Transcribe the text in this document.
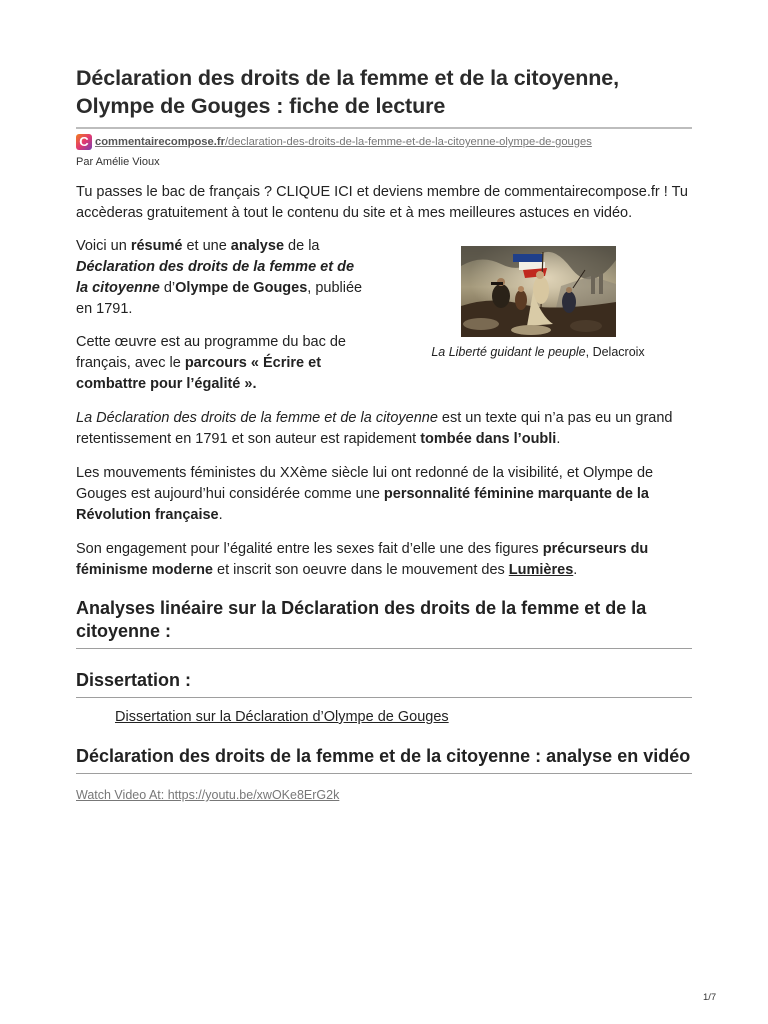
Déclaration des droits de la femme et de la citoyenne, Olympe de Gouges : fiche de lecture
C commentairecompose.fr/declaration-des-droits-de-la-femme-et-de-la-citoyenne-olympe-de-gouges
Par Amélie Vioux

Tu passes le bac de français ? CLIQUE ICI et deviens membre de commentairecompose.fr ! Tu accèderas gratuitement à tout le contenu du site et à mes meilleures astuces en vidéo.

Voici un résumé et une analyse de la Déclaration des droits de la femme et de la citoyenne d’Olympe de Gouges, publiée en 1791.

Cette œuvre est au programme du bac de français, avec le parcours « Écrire et combattre pour l’égalité ».

La Liberté guidant le peuple, Delacroix

La Déclaration des droits de la femme et de la citoyenne est un texte qui n’a pas eu un grand retentissement en 1791 et son auteur est rapidement tombée dans l’oubli.

Les mouvements féministes du XXème siècle lui ont redonné de la visibilité, et Olympe de Gouges est aujourd’hui considérée comme une personnalité féminine marquante de la Révolution française.

Son engagement pour l’égalité entre les sexes fait d’elle une des figures précurseurs du féminisme moderne et inscrit son oeuvre dans le mouvement des Lumières.

Analyses linéaire sur la Déclaration des droits de la femme et de la citoyenne :
Dissertation :
Dissertation sur la Déclaration d’Olympe de Gouges
Déclaration des droits de la femme et de la citoyenne : analyse en vidéo
Watch Video At: https://youtu.be/xwOKe8ErG2k
1/7
